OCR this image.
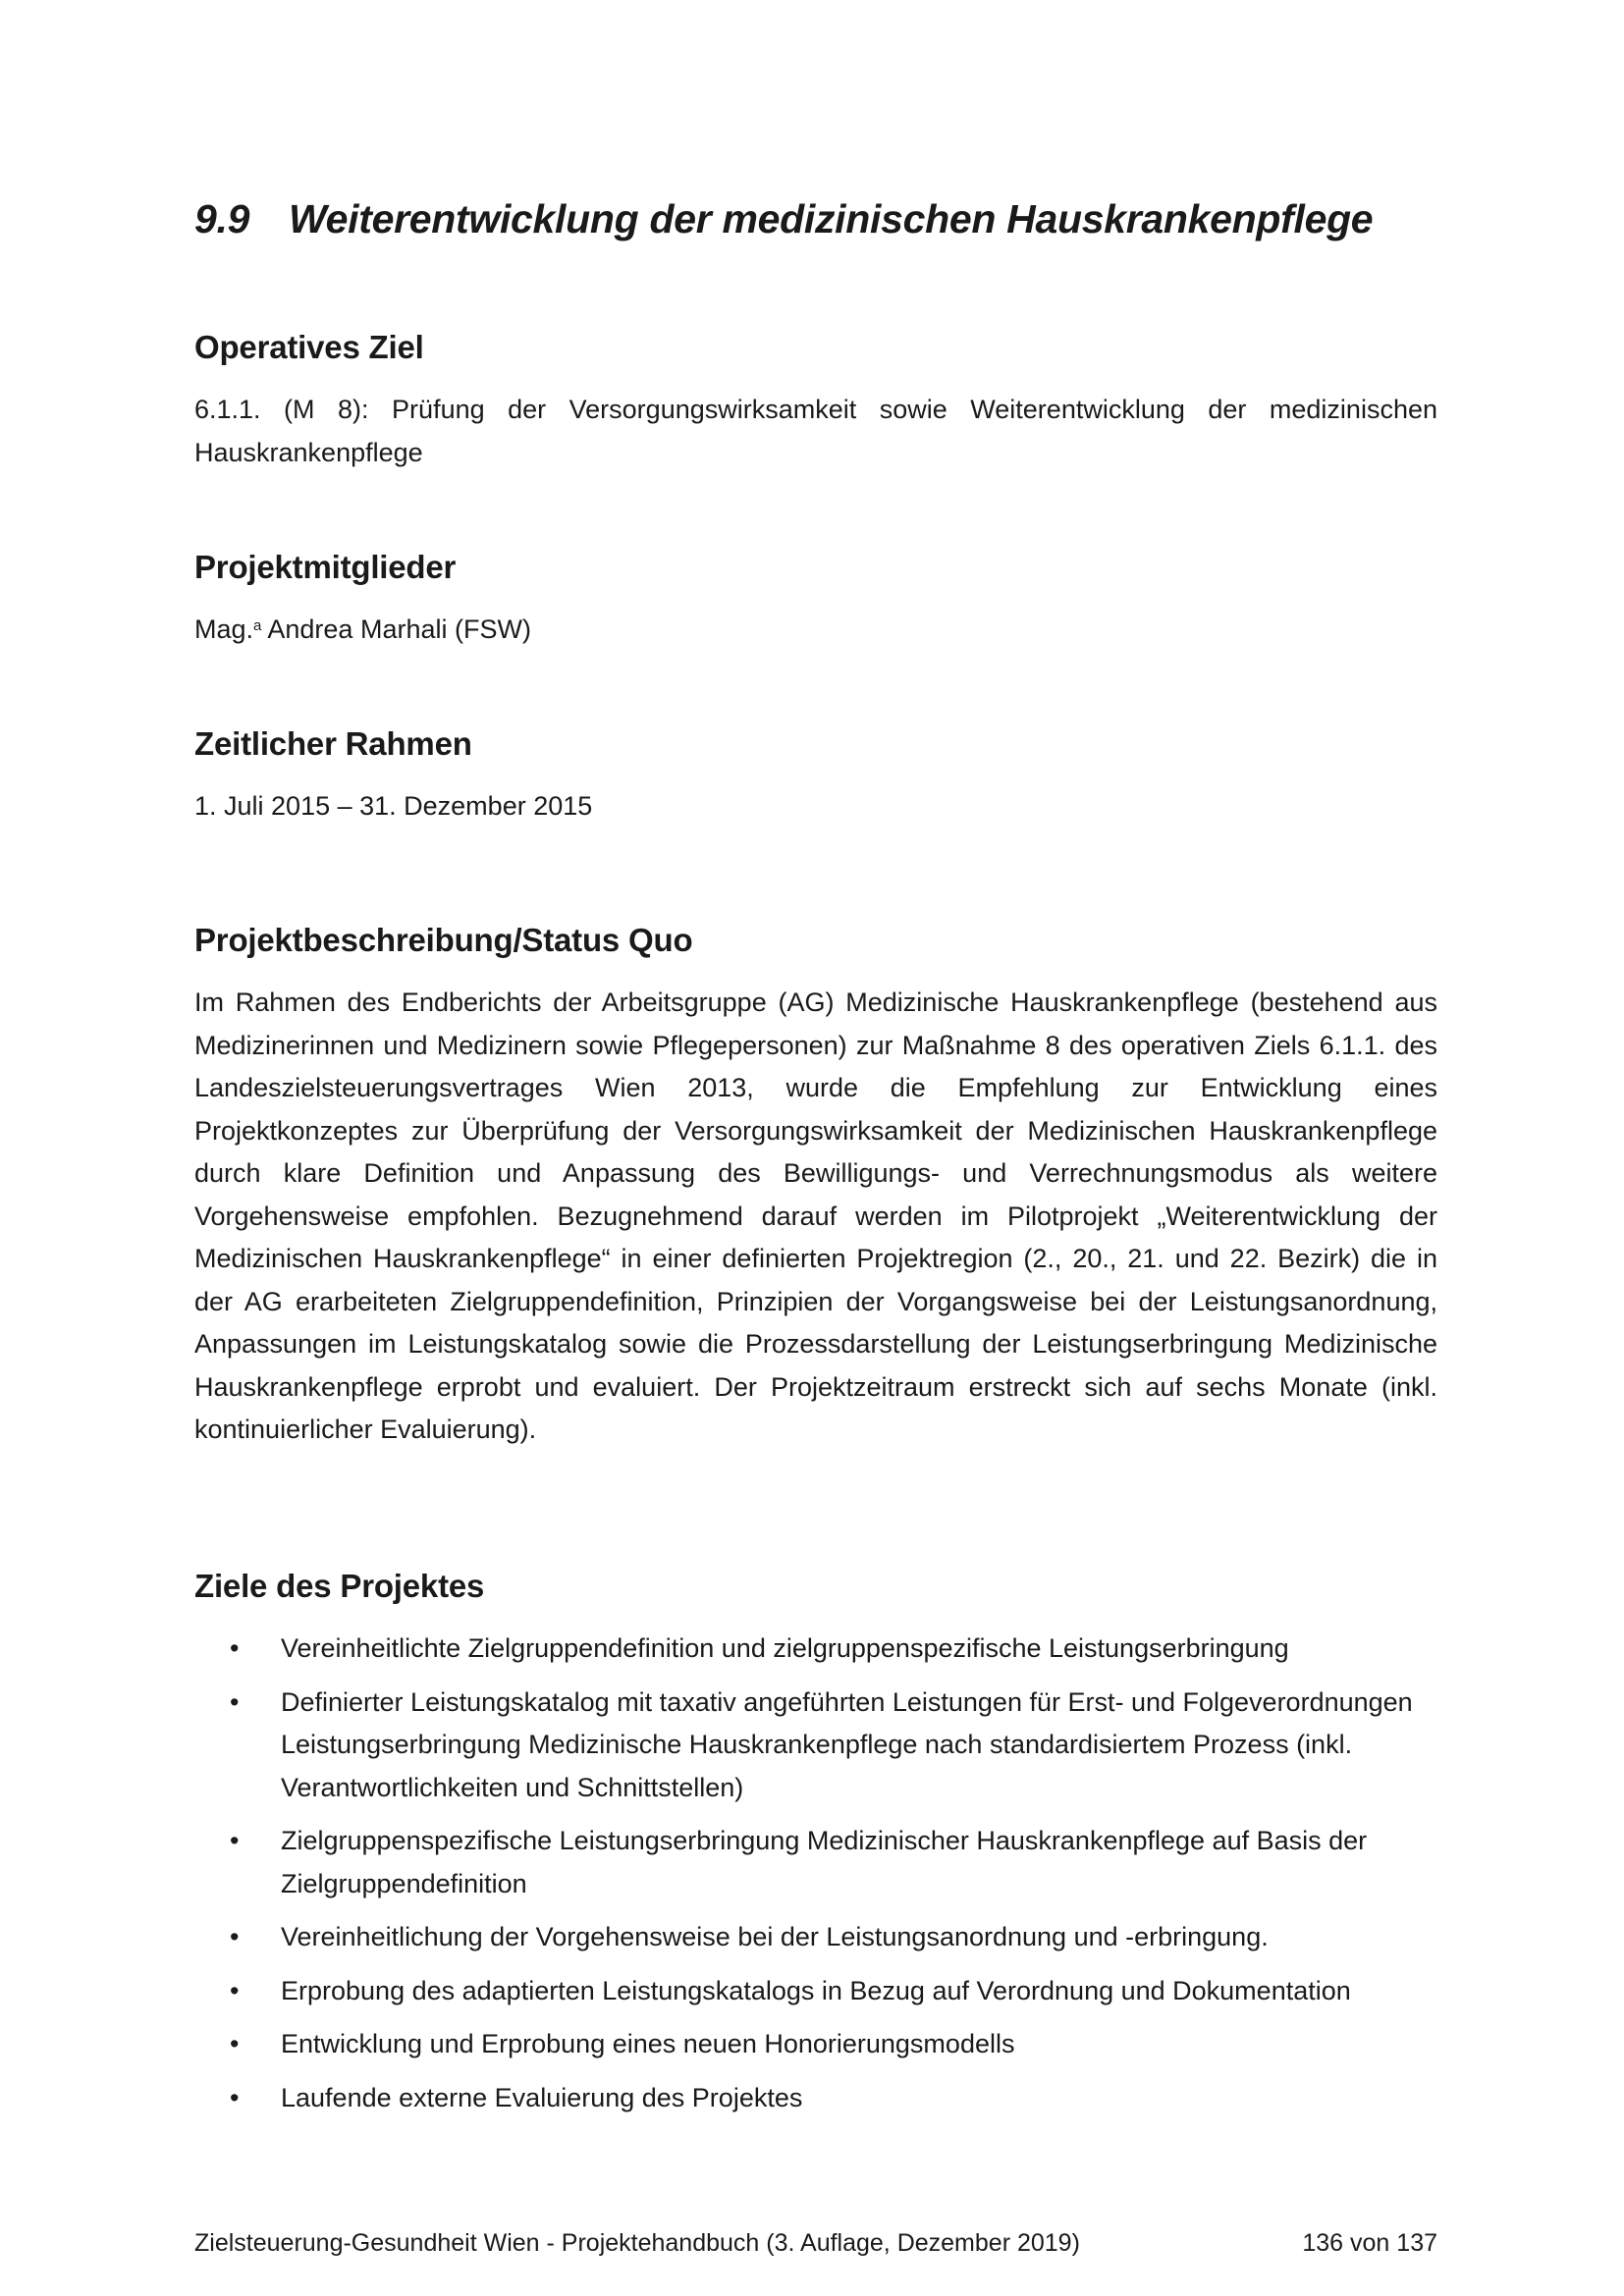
9.9 Weiterentwicklung der medizinischen Hauskrankenpflege
Operatives Ziel

6.1.1. (M 8): Prüfung der Versorgungswirksamkeit sowie Weiterentwicklung der medizinischen Hauskrankenpflege

Projektmitglieder

Mag.$^a$ Andrea Marhali (FSW)

Zeitlicher Rahmen

1. Juli 2015 – 31. Dezember 2015

Projektbeschreibung/Status Quo

Im Rahmen des Endberichts der Arbeitsgruppe (AG) Medizinische Hauskrankenpflege (bestehend aus Medizinerinnen und Medizinern sowie Pflegepersonen) zur Maßnahme 8 des operativen Ziels 6.1.1. des Landeszielsteuerungsvertrages Wien 2013, wurde die Empfehlung zur Entwicklung eines Projektkonzeptes zur Überprüfung der Versorgungswirksamkeit der Medizinischen Hauskrankenpflege durch klare Definition und Anpassung des Bewilligungs- und Verrechnungsmodus als weitere Vorgehensweise empfohlen. Bezugnehmend darauf werden im Pilotprojekt „Weiterentwicklung der Medizinischen Hauskrankenpflege“ in einer definierten Projektregion (2., 20., 21. und 22. Bezirk) die in der AG erarbeiteten Zielgruppendefinition, Prinzipien der Vorgangsweise bei der Leistungsanordnung, Anpassungen im Leistungskatalog sowie die Prozessdarstellung der Leistungserbringung Medizinische Hauskrankenpflege erprobt und evaluiert. Der Projektzeitraum erstreckt sich auf sechs Monate (inkl. kontinuierlicher Evaluierung).

Ziele des Projektes
• Vereinheitlichte Zielgruppendefinition und zielgruppenspezifische Leistungserbringung
• Definierter Leistungskatalog mit taxativ angeführten Leistungen für Erst- und Folgeverordnungen Leistungserbringung Medizinische Hauskrankenpflege nach standardisiertem Prozess (inkl. Verantwortlichkeiten und Schnittstellen)
• Zielgruppenspezifische Leistungserbringung Medizinischer Hauskrankenpflege auf Basis der Zielgruppendefinition
• Vereinheitlichung der Vorgehensweise bei der Leistungsanordnung und -erbringung.
• Erprobung des adaptierten Leistungskatalogs in Bezug auf Verordnung und Dokumentation
• Entwicklung und Erprobung eines neuen Honorierungsmodells
• Laufende externe Evaluierung des Projektes
Zielsteuerung-Gesundheit Wien - Projektehandbuch (3. Auflage, Dezember 2019)	136 von 137
